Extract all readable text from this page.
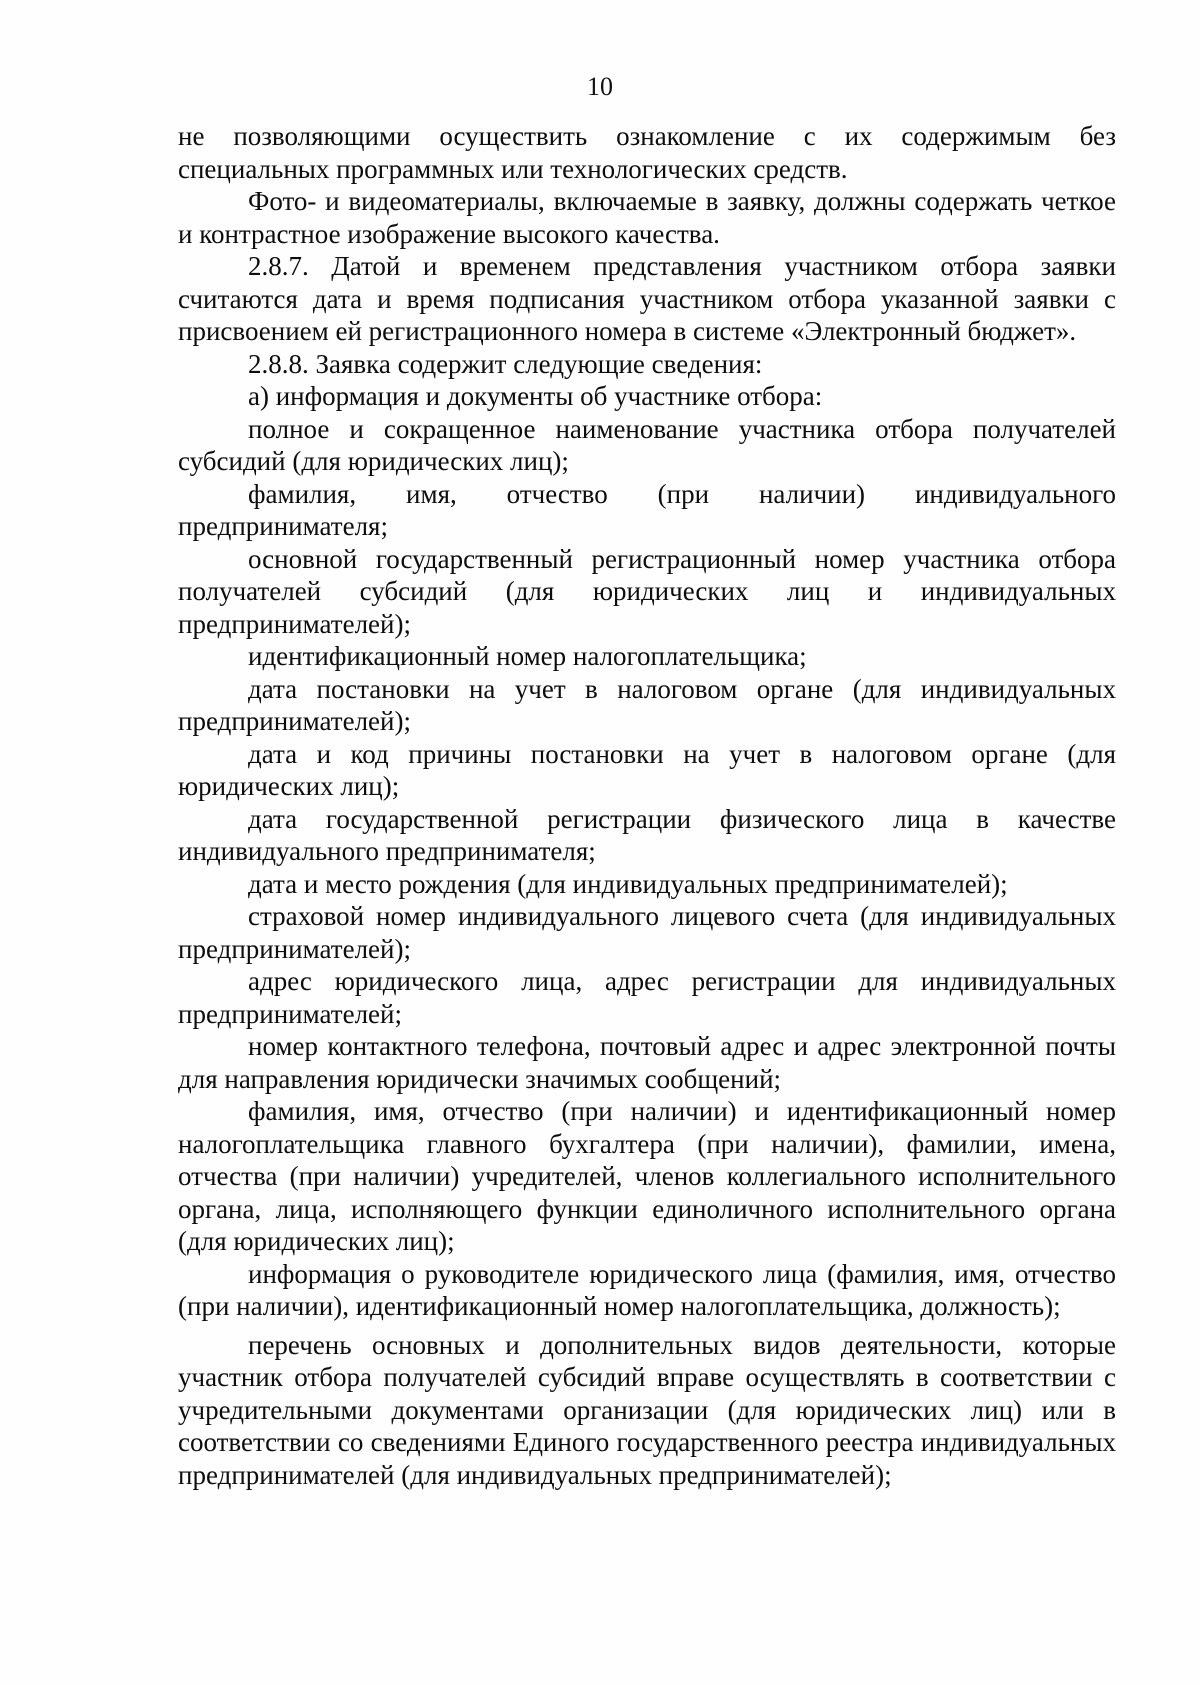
10

не позволяющими осуществить ознакомление с их содержимым без специальных программных или технологических средств.

Фото- и видеоматериалы, включаемые в заявку, должны содержать четкое и контрастное изображение высокого качества.

2.8.7. Датой и временем представления участником отбора заявки считаются дата и время подписания участником отбора указанной заявки с присвоением ей регистрационного номера в системе «Электронный бюджет».

2.8.8. Заявка содержит следующие сведения:

а) информация и документы об участнике отбора:

полное и сокращенное наименование участника отбора получателей субсидий (для юридических лиц);

фамилия, имя, отчество (при наличии) индивидуального предпринимателя;

основной государственный регистрационный номер участника отбора получателей субсидий (для юридических лиц и индивидуальных предпринимателей);

идентификационный номер налогоплательщика;

дата постановки на учет в налоговом органе (для индивидуальных предпринимателей);

дата и код причины постановки на учет в налоговом органе (для юридических лиц);

дата государственной регистрации физического лица в качестве индивидуального предпринимателя;

дата и место рождения (для индивидуальных предпринимателей);

страховой номер индивидуального лицевого счета (для индивидуальных предпринимателей);

адрес юридического лица, адрес регистрации для индивидуальных предпринимателей;

номер контактного телефона, почтовый адрес и адрес электронной почты для направления юридически значимых сообщений;

фамилия, имя, отчество (при наличии) и идентификационный номер налогоплательщика главного бухгалтера (при наличии), фамилии, имена, отчества (при наличии) учредителей, членов коллегиального исполнительного органа, лица, исполняющего функции единоличного исполнительного органа (для юридических лиц);

информация о руководителе юридического лица (фамилия, имя, отчество (при наличии), идентификационный номер налогоплательщика, должность);

перечень основных и дополнительных видов деятельности, которые участник отбора получателей субсидий вправе осуществлять в соответствии с учредительными документами организации (для юридических лиц) или в соответствии со сведениями Единого государственного реестра индивидуальных предпринимателей (для индивидуальных предпринимателей);
